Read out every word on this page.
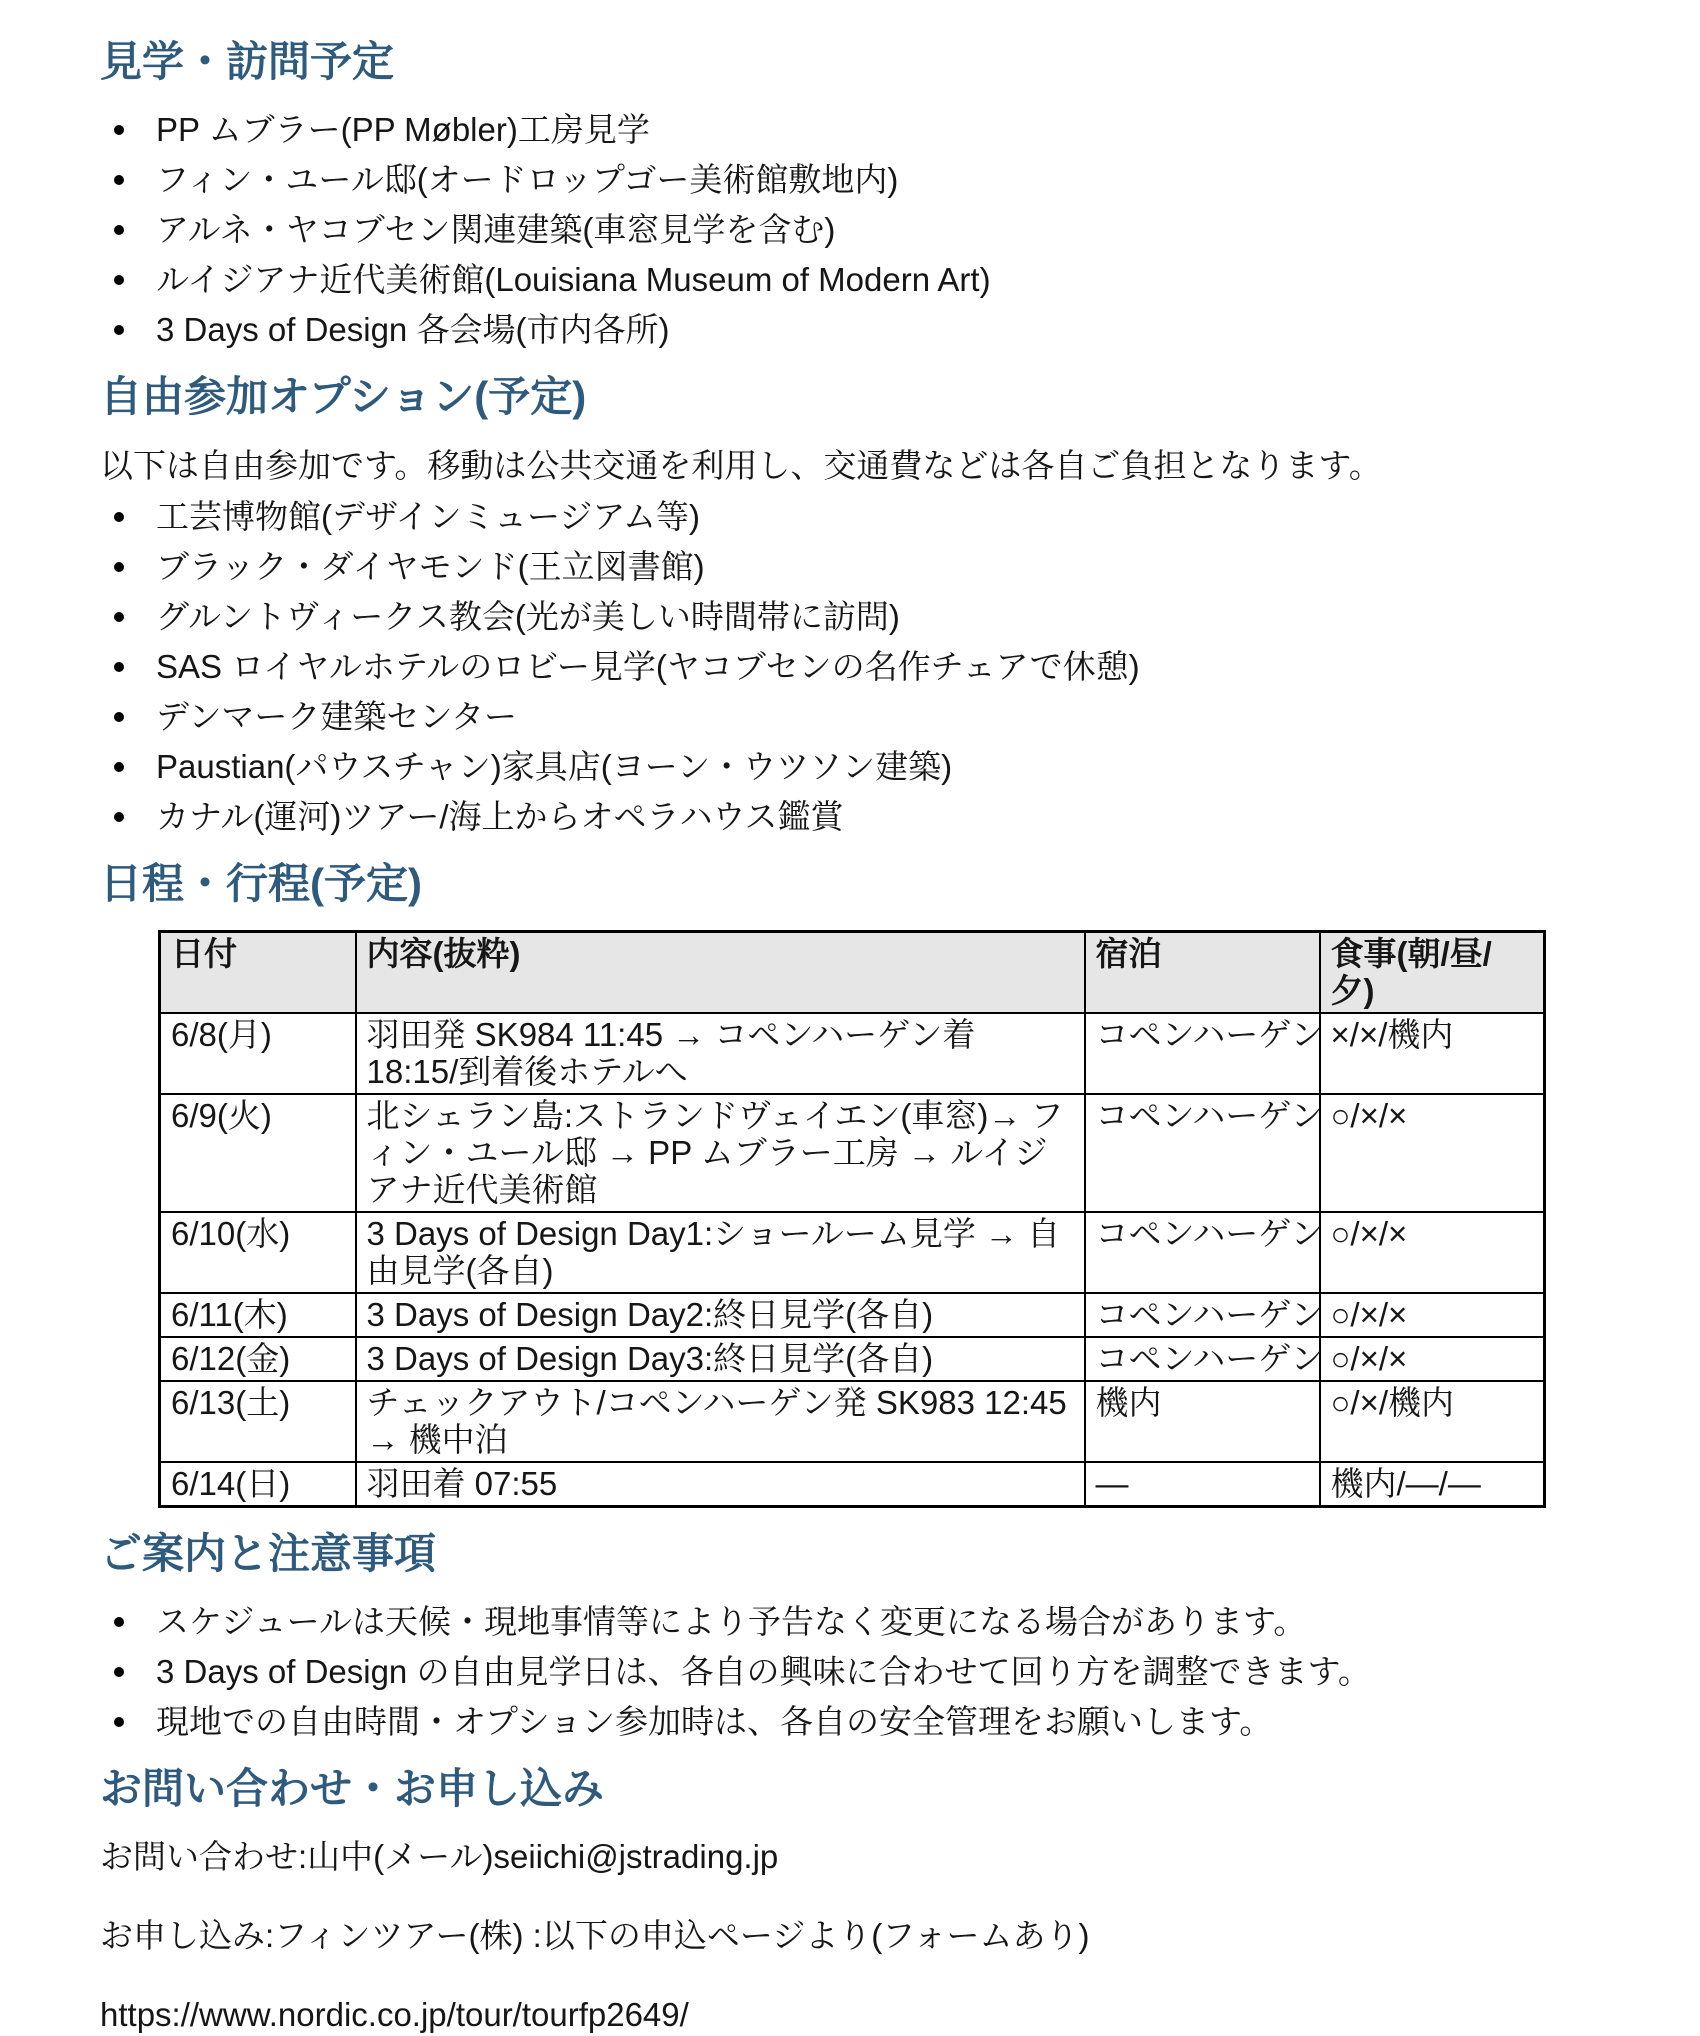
見学・訪問予定
PP ムブラー(PP Møbler)工房見学
フィン・ユール邸(オードロップゴー美術館敷地内)
アルネ・ヤコブセン関連建築(車窓見学を含む)
ルイジアナ近代美術館(Louisiana Museum of Modern Art)
3 Days of Design 各会場(市内各所)
自由参加オプション(予定)

以下は自由参加です。移動は公共交通を利用し、交通費などは各自ご負担となります。

工芸博物館(デザインミュージアム等)
ブラック・ダイヤモンド(王立図書館)
グルントヴィークス教会(光が美しい時間帯に訪問)
SAS ロイヤルホテルのロビー見学(ヤコブセンの名作チェアで休憩)
デンマーク建築センター
Paustian(パウスチャン)家具店(ヨーン・ウツソン建築)
カナル(運河)ツアー/海上からオペラハウス鑑賞
日程・行程(予定)
日付	内容(抜粋)	宿泊	食事(朝/昼/夕)
6/8(月)	羽田発 SK984 11:45 → コペンハーゲン着 18:15/到着後ホテルへ	コペンハーゲン	×/×/機内
6/9(火)	北シェラン島:ストランドヴェイエン(車窓)→ フィン・ユール邸 → PP ムブラー工房 → ルイジアナ近代美術館	コペンハーゲン	○/×/×
6/10(水)	3 Days of Design Day1:ショールーム見学 → 自由見学(各自)	コペンハーゲン	○/×/×
6/11(木)	3 Days of Design Day2:終日見学(各自)	コペンハーゲン	○/×/×
6/12(金)	3 Days of Design Day3:終日見学(各自)	コペンハーゲン	○/×/×
6/13(土)	チェックアウト/コペンハーゲン発 SK983 12:45 → 機中泊	機内	○/×/機内
6/14(日)	羽田着 07:55	—	機内/—/—
ご案内と注意事項
スケジュールは天候・現地事情等により予告なく変更になる場合があります。
3 Days of Design の自由見学日は、各自の興味に合わせて回り方を調整できます。
現地での自由時間・オプション参加時は、各自の安全管理をお願いします。
お問い合わせ・お申し込み

お問い合わせ:山中(メール)seiichi@jstrading.jp

お申し込み:フィンツアー(株) :以下の申込ページより(フォームあり)

https://www.nordic.co.jp/tour/tourfp2649/
